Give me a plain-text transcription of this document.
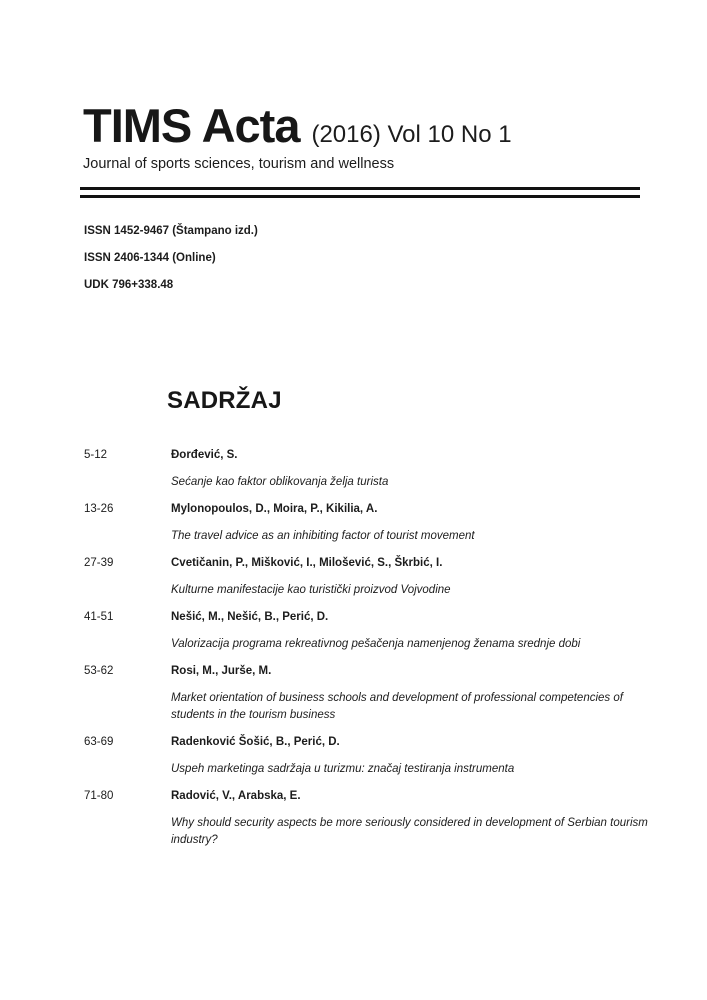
TIMS Acta (2016) Vol 10 No 1
Journal of sports sciences, tourism and wellness
ISSN 1452-9467 (Štampano izd.)
ISSN 2406-1344 (Online)
UDK 796+338.48
SADRŽAJ
5-12	Đorđević, S.
Sećanje kao faktor oblikovanja želja turista
13-26	Mylonopoulos, D., Moira, P., Kikilia, A.
The travel advice as an inhibiting factor of tourist movement
27-39	Cvetičanin, P., Mišković, I., Milošević, S., Škrbić, I.
Kulturne manifestacije kao turistički proizvod Vojvodine
41-51	Nešić, M., Nešić, B., Perić, D.
Valorizacija programa rekreativnog pešačenja namenjenog ženama srednje dobi
53-62	Rosi, M., Jurše, M.
Market orientation of business schools and development of professional competencies of students in the tourism business
63-69	Radenković Šošić, B., Perić, D.
Uspeh marketinga sadržaja u turizmu: značaj testiranja instrumenta
71-80	Radović, V., Arabska, E.
Why should security aspects be more seriously considered in development of Serbian tourism industry?
